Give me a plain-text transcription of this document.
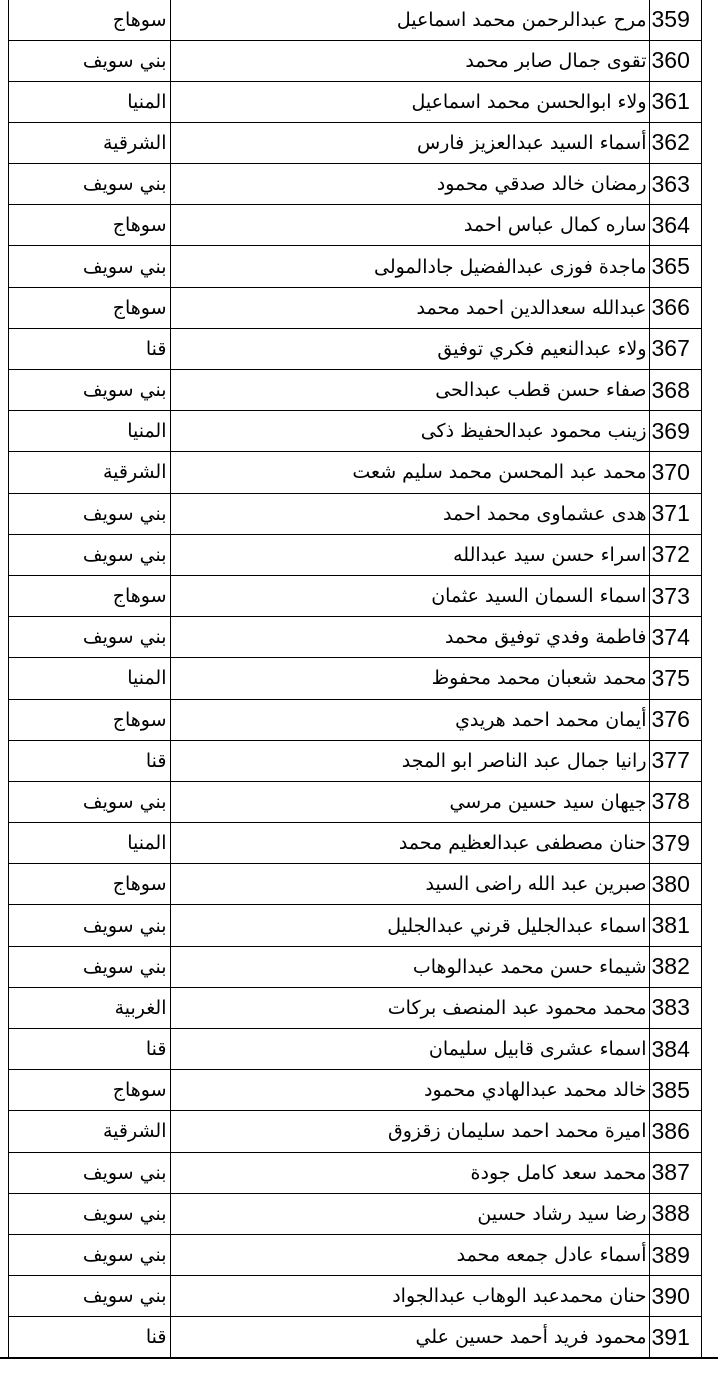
	سوهاج	مرح عبدالرحمن محمد اسماعيل	359	
	بني سويف	تقوى جمال صابر محمد	360	
	المنيا	ولاء ابوالحسن محمد اسماعيل	361	
	الشرقية	أسماء السيد عبدالعزيز فارس	362	
	بني سويف	رمضان خالد صدقي محمود	363	
	سوهاج	ساره كمال عباس احمد	364	
	بني سويف	ماجدة فوزى عبدالفضيل جادالمولى	365	
	سوهاج	عبدالله سعدالدين احمد محمد	366	
	قنا	ولاء عبدالنعيم فكري توفيق	367	
	بني سويف	صفاء حسن قطب عبدالحى	368	
	المنيا	زينب محمود عبدالحفيظ ذكى	369	
	الشرقية	محمد عبد المحسن محمد سليم شعت	370	
	بني سويف	هدى عشماوى محمد احمد	371	
	بني سويف	اسراء حسن سيد عبدالله	372	
	سوهاج	اسماء السمان السيد عثمان	373	
	بني سويف	فاطمة وفدي توفيق محمد	374	
	المنيا	محمد شعبان محمد محفوظ	375	
	سوهاج	أيمان محمد احمد هريدي	376	
	قنا	رانيا جمال عبد الناصر ابو المجد	377	
	بني سويف	جيهان سيد حسين مرسي	378	
	المنيا	حنان مصطفى عبدالعظيم محمد	379	
	سوهاج	صبرين عبد الله راضى السيد	380	
	بني سويف	اسماء عبدالجليل قرني عبدالجليل	381	
	بني سويف	شيماء حسن محمد عبدالوهاب	382	
	الغربية	محمد محمود عبد المنصف بركات	383	
	قنا	اسماء عشرى قابيل سليمان	384	
	سوهاج	خالد محمد عبدالهادي محمود	385	
	الشرقية	اميرة محمد احمد سليمان زقزوق	386	
	بني سويف	محمد سعد كامل جودة	387	
	بني سويف	رضا سيد رشاد حسين	388	
	بني سويف	أسماء عادل جمعه محمد	389	
	بني سويف	حنان محمدعبد الوهاب عبدالجواد	390	
	قنا	محمود فريد أحمد حسين علي	391	
